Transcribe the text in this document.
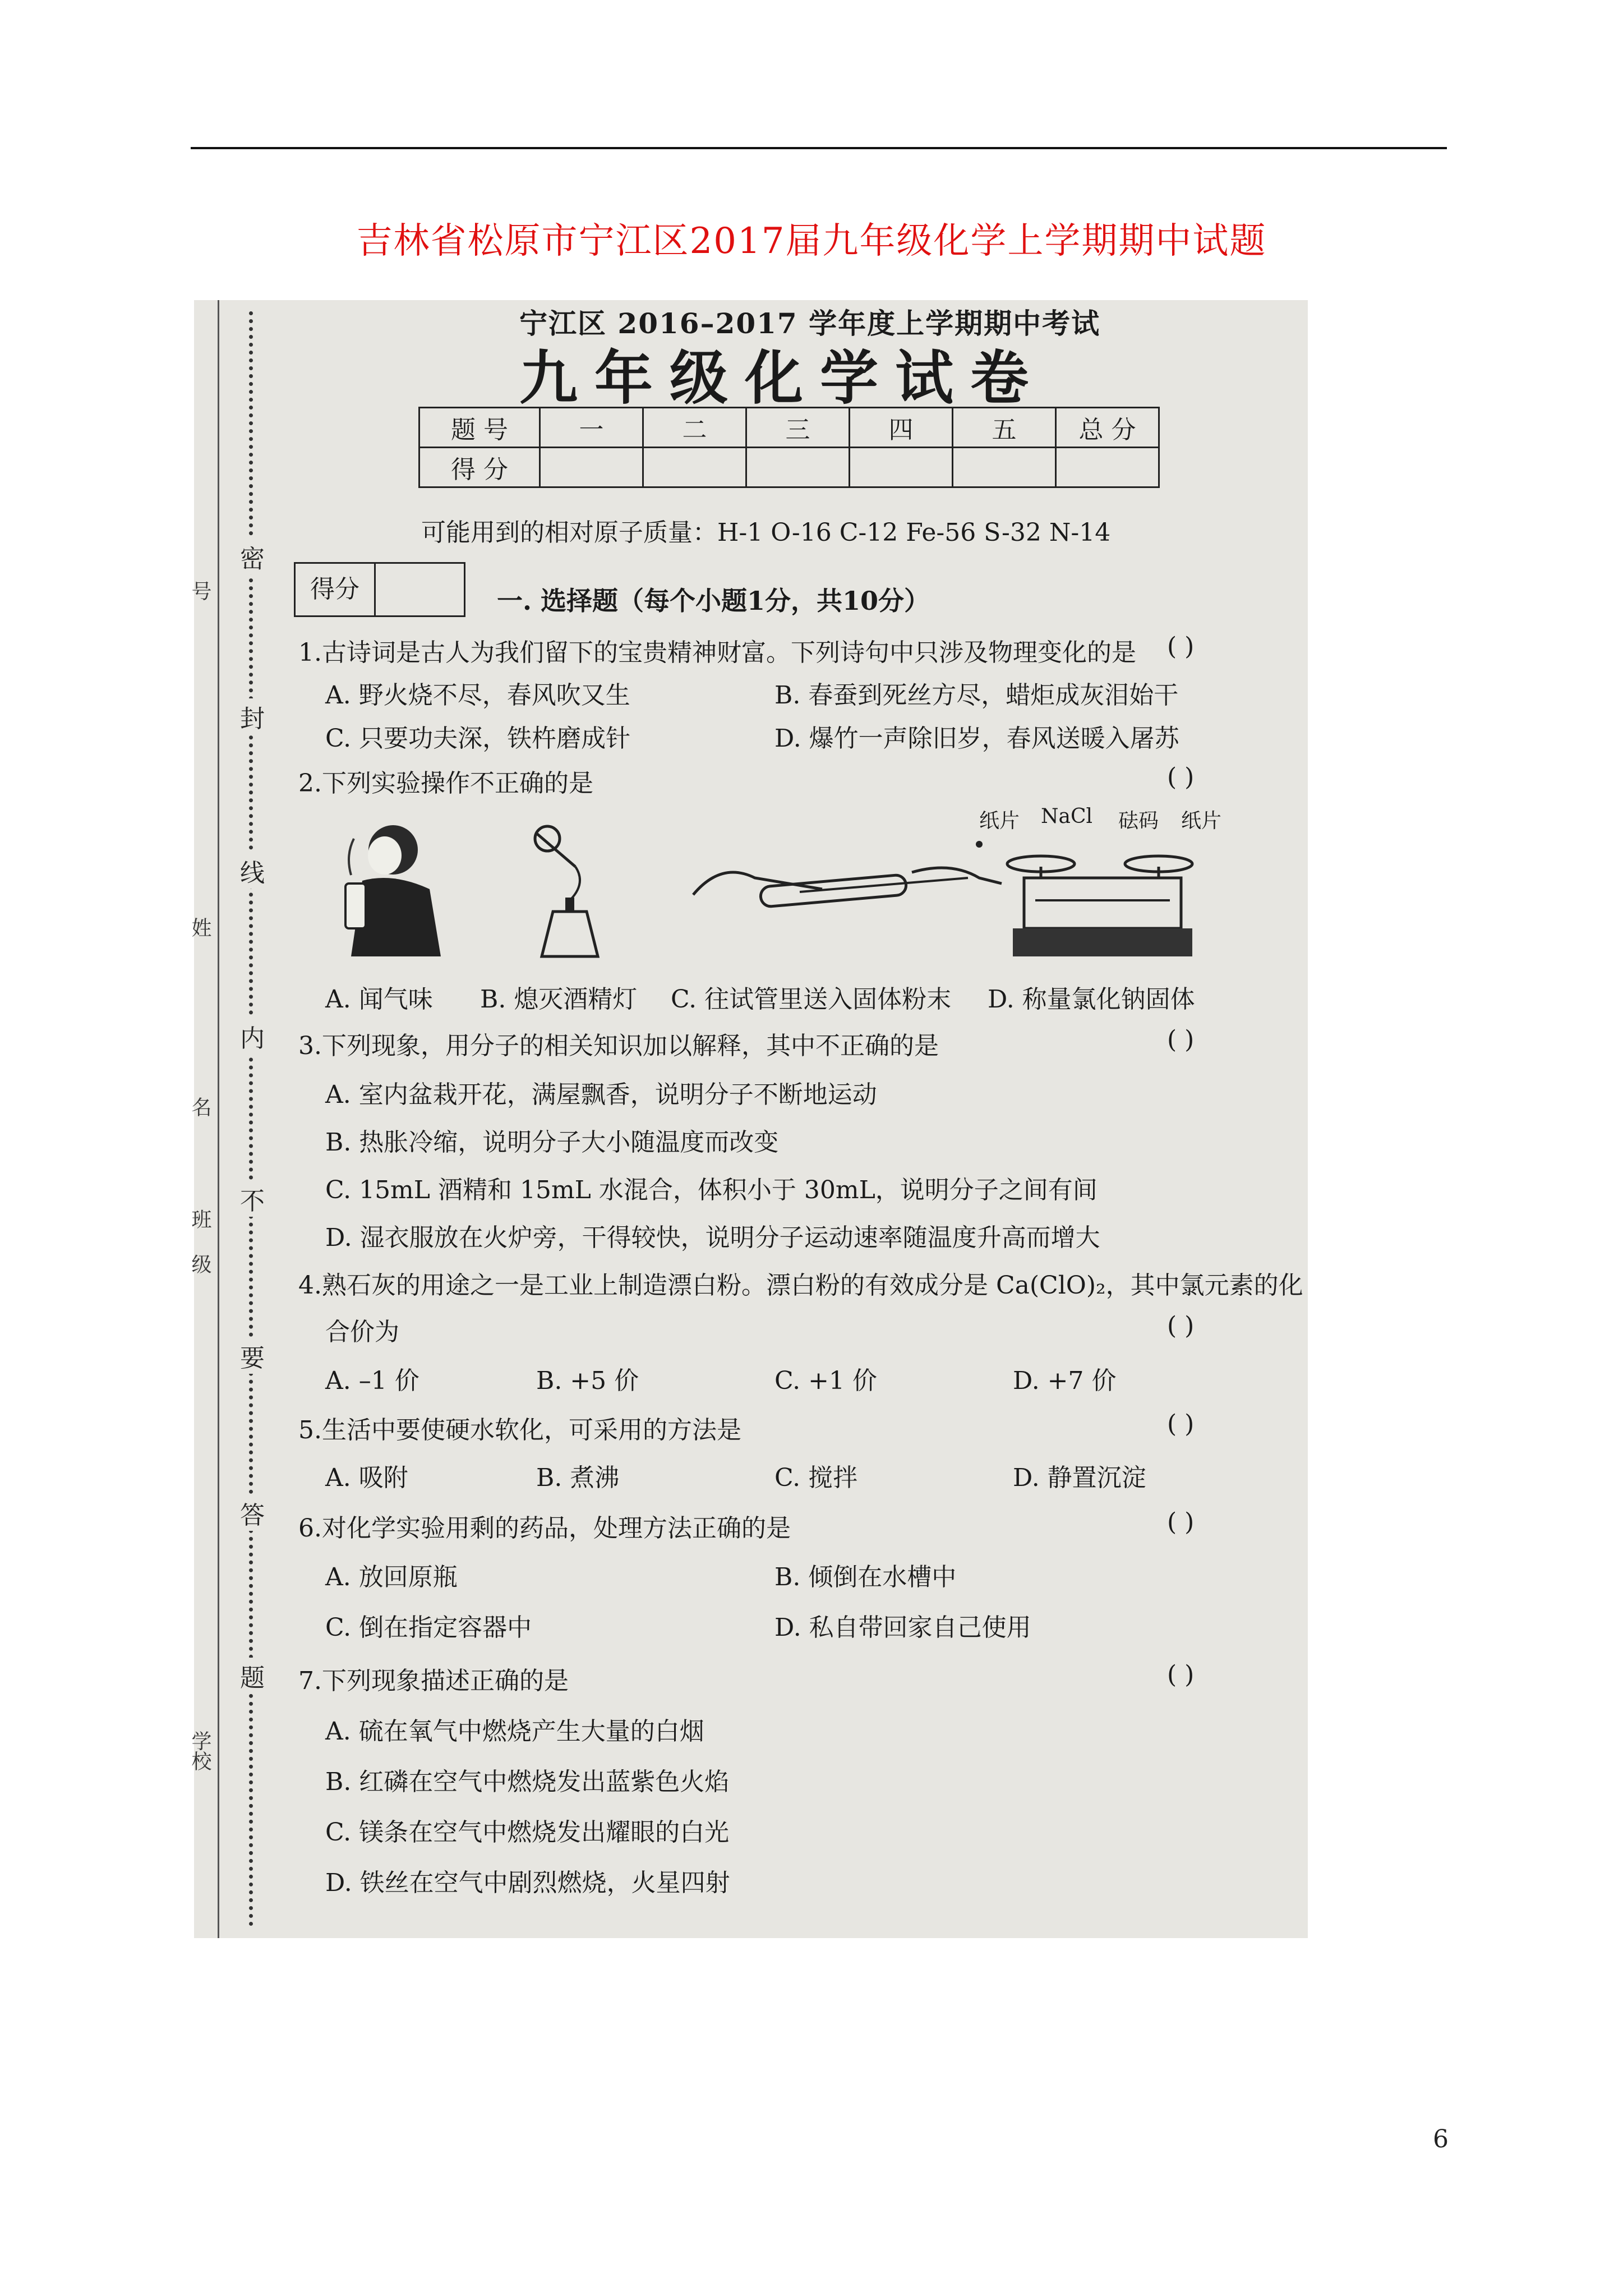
吉林省松原市宁江区2017届九年级化学上学期期中试题
密
封
线
内
不
要
答
题
号
姓
名
班
级
学校
宁江区 2016–2017 学年度上学期期中考试
九年级化学试卷
题 号	一	二	三	四	五	总 分
得 分						
可能用到的相对原子质量：H-1 O-16 C-12 Fe-56 S-32 N-14
得分	一. 选择题（每个小题1分，共10分）
1.古诗词是古人为我们留下的宝贵精神财富。下列诗句中只涉及物理变化的是 ( )
A. 野火烧不尽，春风吹又生	B. 春蚕到死丝方尽，蜡炬成灰泪始干
C. 只要功夫深，铁杵磨成针	D. 爆竹一声除旧岁，春风送暖入屠苏
2.下列实验操作不正确的是	( )
纸片 NaCl 砝码 纸片
A. 闻气味 B. 熄灭酒精灯 C. 往试管里送入固体粉末 D. 称量氯化钠固体
3.下列现象，用分子的相关知识加以解释，其中不正确的是	( )
A. 室内盆栽开花，满屋飘香，说明分子不断地运动
B. 热胀冷缩，说明分子大小随温度而改变
C. 15mL 酒精和 15mL 水混合，体积小于 30mL，说明分子之间有间
D. 湿衣服放在火炉旁，干得较快，说明分子运动速率随温度升高而增大
4.熟石灰的用途之一是工业上制造漂白粉。漂白粉的有效成分是 Ca(ClO)₂，其中氯元素的化
合价为	( )
A. –1 价	B. +5 价	C. +1 价	D. +7 价
5.生活中要使硬水软化，可采用的方法是	( )
A. 吸附	B. 煮沸	C. 搅拌	D. 静置沉淀
6.对化学实验用剩的药品，处理方法正确的是	( )
A. 放回原瓶	B. 倾倒在水槽中
C. 倒在指定容器中	D. 私自带回家自己使用
7.下列现象描述正确的是	( )
A. 硫在氧气中燃烧产生大量的白烟
B. 红磷在空气中燃烧发出蓝紫色火焰
C. 镁条在空气中燃烧发出耀眼的白光
D. 铁丝在空气中剧烈燃烧，火星四射
6
